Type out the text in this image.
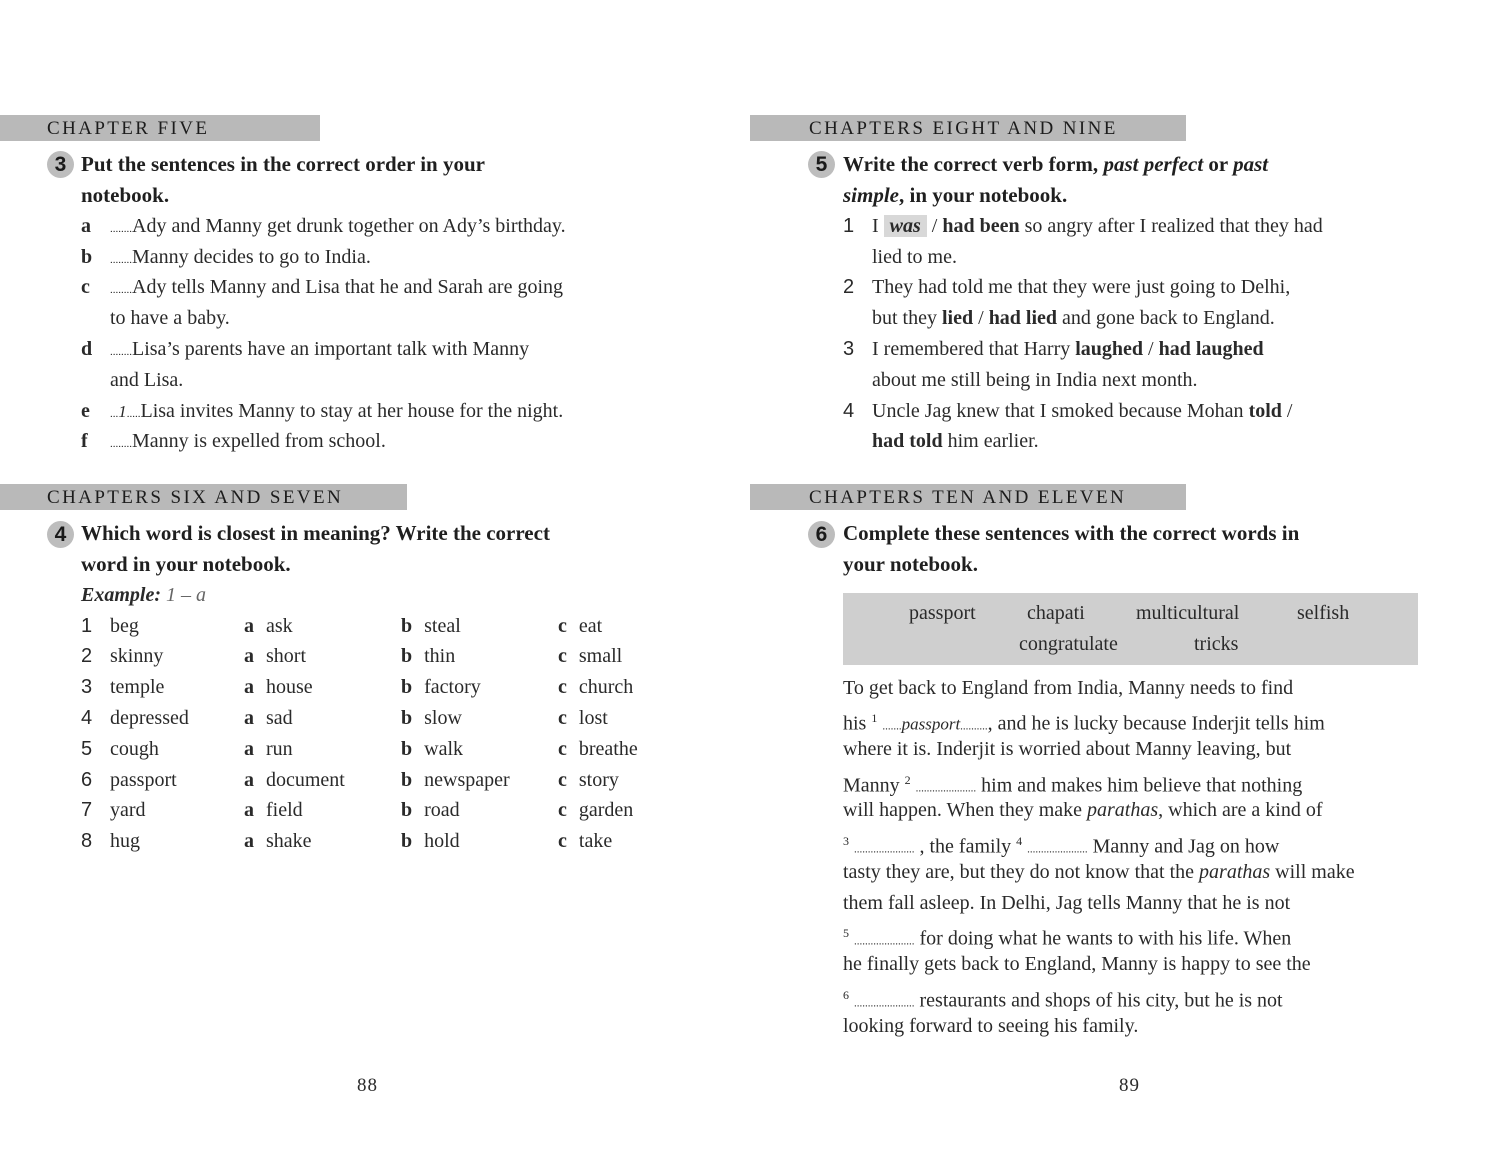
CHAPTER FIVE
3 Put the sentences in the correct order in your
notebook.
a ........Ady and Manny get drunk together on Ady’s birthday.
b ........Manny decides to go to India.
c ........Ady tells Manny and Lisa that he and Sarah are going
to have a baby.
d ........Lisa’s parents have an important talk with Manny
and Lisa.
e ...1.....Lisa invites Manny to stay at her house for the night.
f ........Manny is expelled from school.
CHAPTERS SIX AND SEVEN
4 Which word is closest in meaning? Write the correct
word in your notebook.
Example: 1 – a
1 beg	a ask	b steal	c eat
2 skinny	a short	b thin	c small
3 temple	a house	b factory	c church
4 depressed	a sad	b slow	c lost
5 cough	a run	b walk	c breathe
6 passport	a document	b newspaper c story
7 yard	a field	b road	c garden
8 hug	a shake	b hold	c take
88
CHAPTERS EIGHT AND NINE
5 Write the correct verb form, past perfect or past
simple, in your notebook.
1 I was / had been so angry after I realized that they had
lied to me.
2 They had told me that they were just going to Delhi,
but they lied / had lied and gone back to England.
3 I remembered that Harry laughed / had laughed
about me still being in India next month.
4 Uncle Jag knew that I smoked because Mohan told /
had told him earlier.
CHAPTERS TEN AND ELEVEN
6 Complete these sentences with the correct words in
your notebook.
passport	chapati	multicultural	selfish
congratulate	tricks
To get back to England from India, Manny needs to find
his $^1$ .......passport.........., and he is lucky because Inderjit tells him
where it is. Inderjit is worried about Manny leaving, but
Manny $^2$ ...................... him and makes him believe that nothing
will happen. When they make parathas, which are a kind of
$^3$ ...................... , the family $^4$ ...................... Manny and Jag on how
tasty they are, but they do not know that the parathas will make
them fall asleep. In Delhi, Jag tells Manny that he is not
$^5$ ...................... for doing what he wants to with his life. When
he finally gets back to England, Manny is happy to see the
$^6$ ...................... restaurants and shops of his city, but he is not
looking forward to seeing his family.
89
